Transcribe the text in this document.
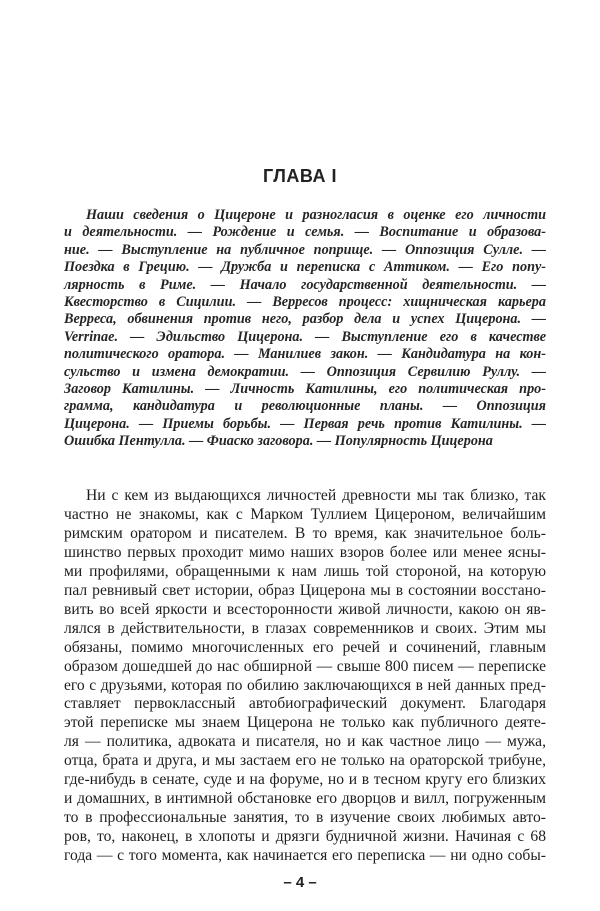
ГЛАВА I
Наши сведения о Цицероне и разногласия в оценке его личности
и деятельности. — Рождение и семья. — Воспитание и образова-
ние. — Выступление на публичное поприще. — Оппозиция Сулле. —
Поездка в Грецию. — Дружба и переписка с Аттиком. — Его попу-
лярность в Риме. — Начало государственной деятельности. —
Квесторство в Сицилии. — Верресов процесс: хищническая карьера
Верреса, обвинения против него, разбор дела и успех Цицерона. —
Verrinae. — Эдильство Цицерона. — Выступление его в качестве
политического оратора. — Манилиев закон. — Кандидатура на кон-
сульство и измена демократии. — Оппозиция Сервилию Руллу. —
Заговор Катилины. — Личность Катилины, его политическая про-
грамма, кандидатура и революционные планы. — Оппозиция
Цицерона. — Приемы борьбы. — Первая речь против Катилины. —
Ошибка Пентулла. — Фиаско заговора. — Популярность Цицерона
Ни с кем из выдающихся личностей древности мы так близко, так
частно не знакомы, как с Марком Туллием Цицероном, величайшим
римским оратором и писателем. В то время, как значительное боль-
шинство первых проходит мимо наших взоров более или менее ясны-
ми профилями, обращенными к нам лишь той стороной, на которую
пал ревнивый свет истории, образ Цицерона мы в состоянии восстано-
вить во всей яркости и всесторонности живой личности, какою он яв-
лялся в действительности, в глазах современников и своих. Этим мы
обязаны, помимо многочисленных его речей и сочинений, главным
образом дошедшей до нас обширной — свыше 800 писем — переписке
его с друзьями, которая по обилию заключающихся в ней данных пред-
ставляет первоклассный автобиографический документ. Благодаря
этой переписке мы знаем Цицерона не только как публичного деяте-
ля — политика, адвоката и писателя, но и как частное лицо — мужа,
отца, брата и друга, и мы застаем его не только на ораторской трибуне,
где-нибудь в сенате, суде и на форуме, но и в тесном кругу его близких
и домашних, в интимной обстановке его дворцов и вилл, погруженным
то в профессиональные занятия, то в изучение своих любимых авто-
ров, то, наконец, в хлопоты и дрязги будничной жизни. Начиная с 68
года — с того момента, как начинается его переписка — ни одно собы-
– 4 –
